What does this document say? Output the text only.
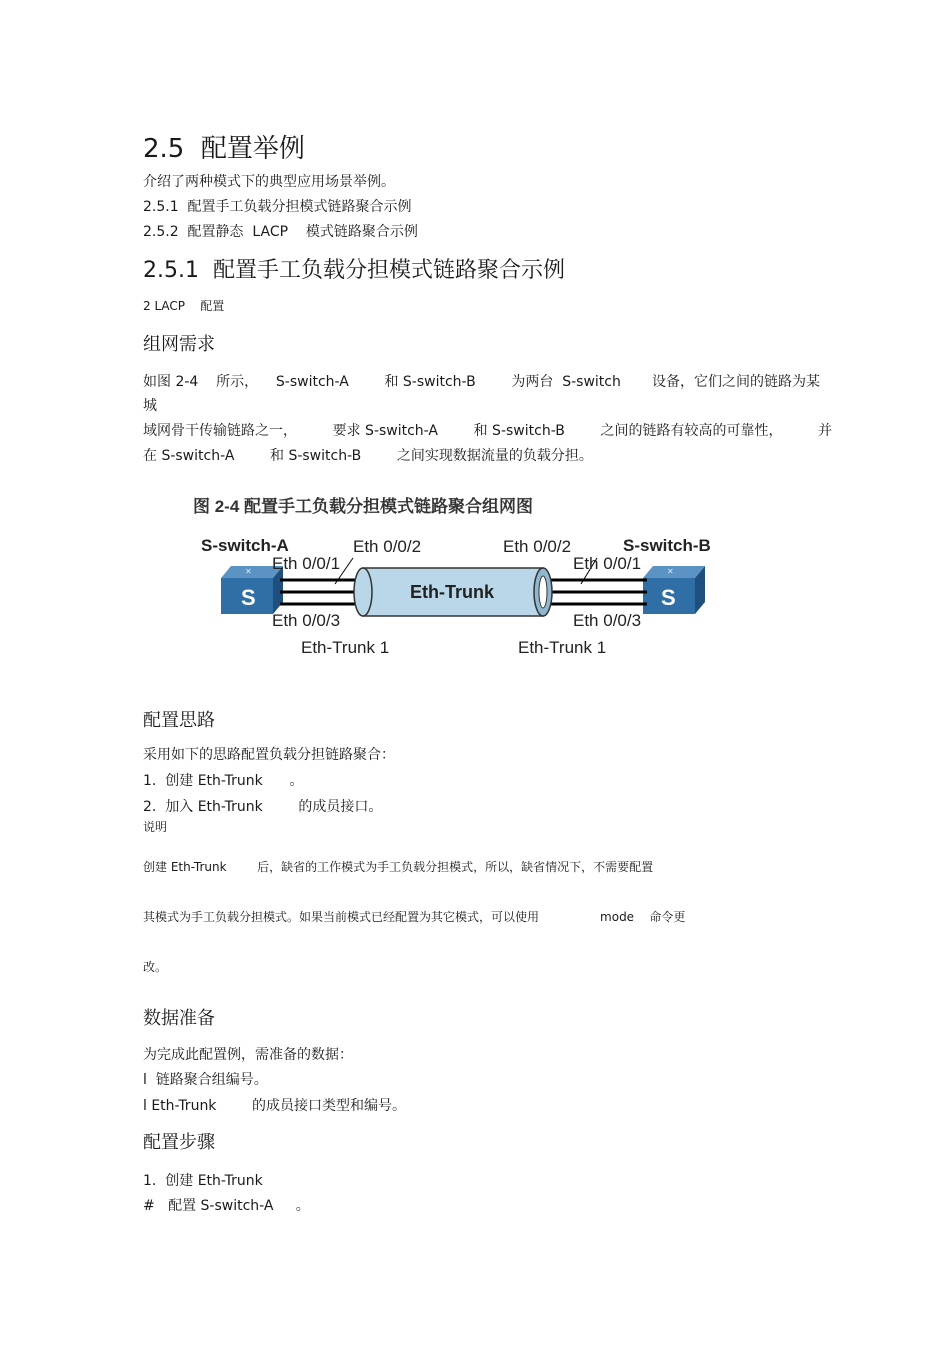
2.5  配置举例
介绍了两种模式下的典型应用场景举例。
2.5.1  配置手工负载分担模式链路聚合示例
2.5.2  配置静态  LACP    模式链路聚合示例
2.5.1  配置手工负载分担模式链路聚合示例
2 LACP    配置
组网需求
如图 2-4    所示，    S-switch-A        和 S-switch-B        为两台  S-switch       设备，它们之间的链路为某
城
域网骨干传输链路之一，        要求 S-switch-A        和 S-switch-B        之间的链路有较高的可靠性，        并
在 S-switch-A        和 S-switch-B        之间实现数据流量的负载分担。
图 2-4 配置手工负载分担模式链路聚合组网图
S
✕
S
✕
Eth-Trunk
S-switch-A	S-switch-B
Eth 0/0/1
Eth 0/0/2
Eth 0/0/3
Eth 0/0/1
Eth 0/0/2
Eth 0/0/3
Eth-Trunk 1	Eth-Trunk 1
配置思路
采用如下的思路配置负载分担链路聚合：
1.  创建 Eth-Trunk      。
2.  加入 Eth-Trunk        的成员接口。
说明
创建 Eth-Trunk        后，缺省的工作模式为手工负载分担模式，所以，缺省情况下，不需要配置
其模式为手工负载分担模式。如果当前模式已经配置为其它模式，可以使用                mode    命令更
改。
数据准备
为完成此配置例，需准备的数据：
l  链路聚合组编号。
l Eth-Trunk        的成员接口类型和编号。
配置步骤
1.  创建 Eth-Trunk
#   配置 S-switch-A     。
